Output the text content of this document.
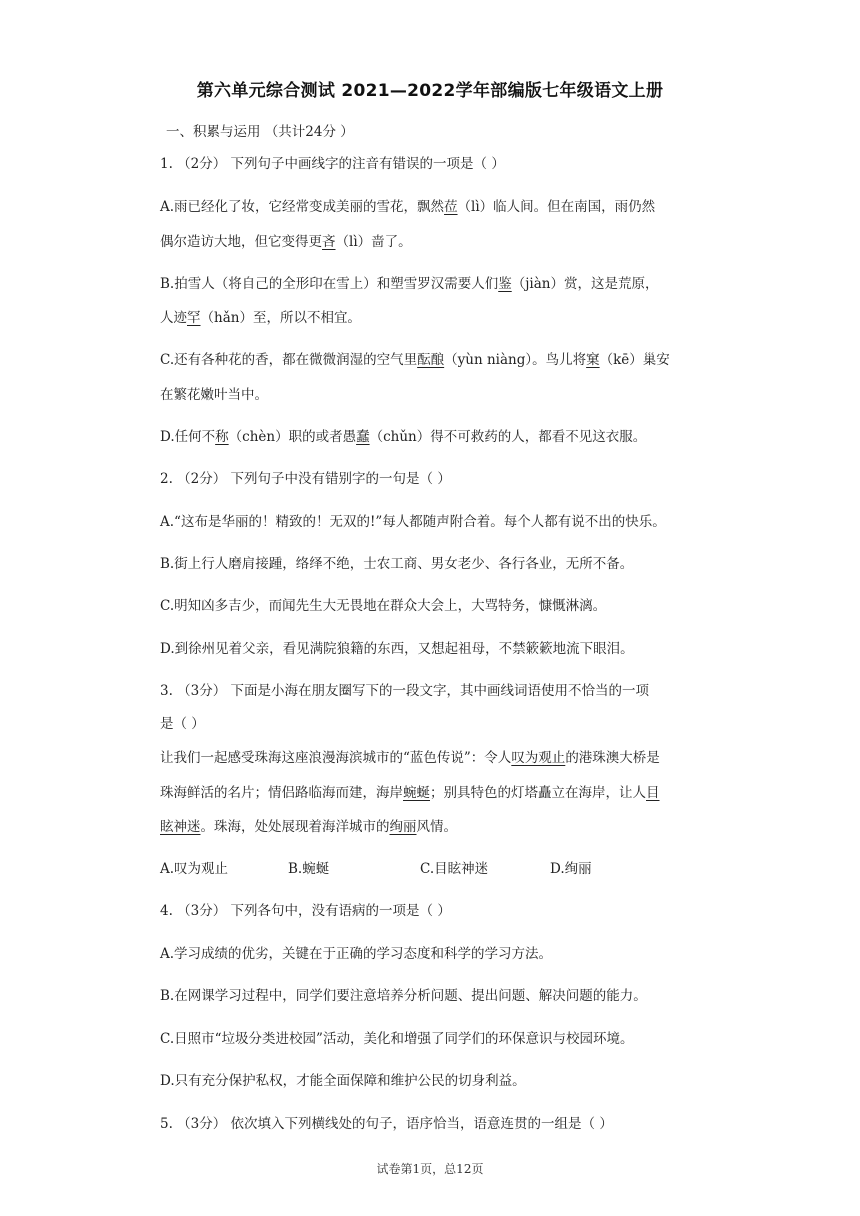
第六单元综合测试 2021—2022学年部编版七年级语文上册
一、积累与运用 （共计24分 ）
1. （2分） 下列句子中画线字的注音有错误的一项是（ ）
A.雨已经化了妆，它经常变成美丽的雪花，飘然莅（lì）临人间。但在南国，雨仍然
偶尔造访大地，但它变得更吝（lì）啬了。
B.拍雪人（将自己的全形印在雪上）和塑雪罗汉需要人们鉴（jiàn）赏，这是荒原，
人迹罕（hǎn）至，所以不相宜。
C.还有各种花的香，都在微微润湿的空气里酝酿（yùn niàng）。鸟儿将窠（kē）巢安
在繁花嫩叶当中。
D.任何不称（chèn）职的或者愚蠢（chǔn）得不可救药的人，都看不见这衣服。
2. （2分） 下列句子中没有错别字的一句是（ ）
A.“这布是华丽的！精致的！无双的!”每人都随声附合着。每个人都有说不出的快乐。
B.街上行人磨肩接踵，络绎不绝，士农工商、男女老少、各行各业，无所不备。
C.明知凶多吉少，而闻先生大无畏地在群众大会上，大骂特务，慷慨淋漓。
D.到徐州见着父亲，看见满院狼籍的东西，又想起祖母，不禁簌簌地流下眼泪。
3. （3分） 下面是小海在朋友圈写下的一段文字，其中画线词语使用不恰当的一项
是（ ）
让我们一起感受珠海这座浪漫海滨城市的“蓝色传说”：令人叹为观止的港珠澳大桥是
珠海鲜活的名片；情侣路临海而建，海岸蜿蜒；别具特色的灯塔矗立在海岸，让人目
眩神迷。珠海，处处展现着海洋城市的绚丽风情。
A.叹为观止	B.蜿蜒	C.目眩神迷	D.绚丽
4. （3分） 下列各句中，没有语病的一项是（ ）
A.学习成绩的优劣，关键在于正确的学习态度和科学的学习方法。
B.在网课学习过程中，同学们要注意培养分析问题、提出问题、解决问题的能力。
C.日照市“垃圾分类进校园”活动，美化和增强了同学们的环保意识与校园环境。
D.只有充分保护私权，才能全面保障和维护公民的切身利益。
5. （3分） 依次填入下列横线处的句子，语序恰当，语意连贯的一组是（ ）
试卷第1页，总12页
